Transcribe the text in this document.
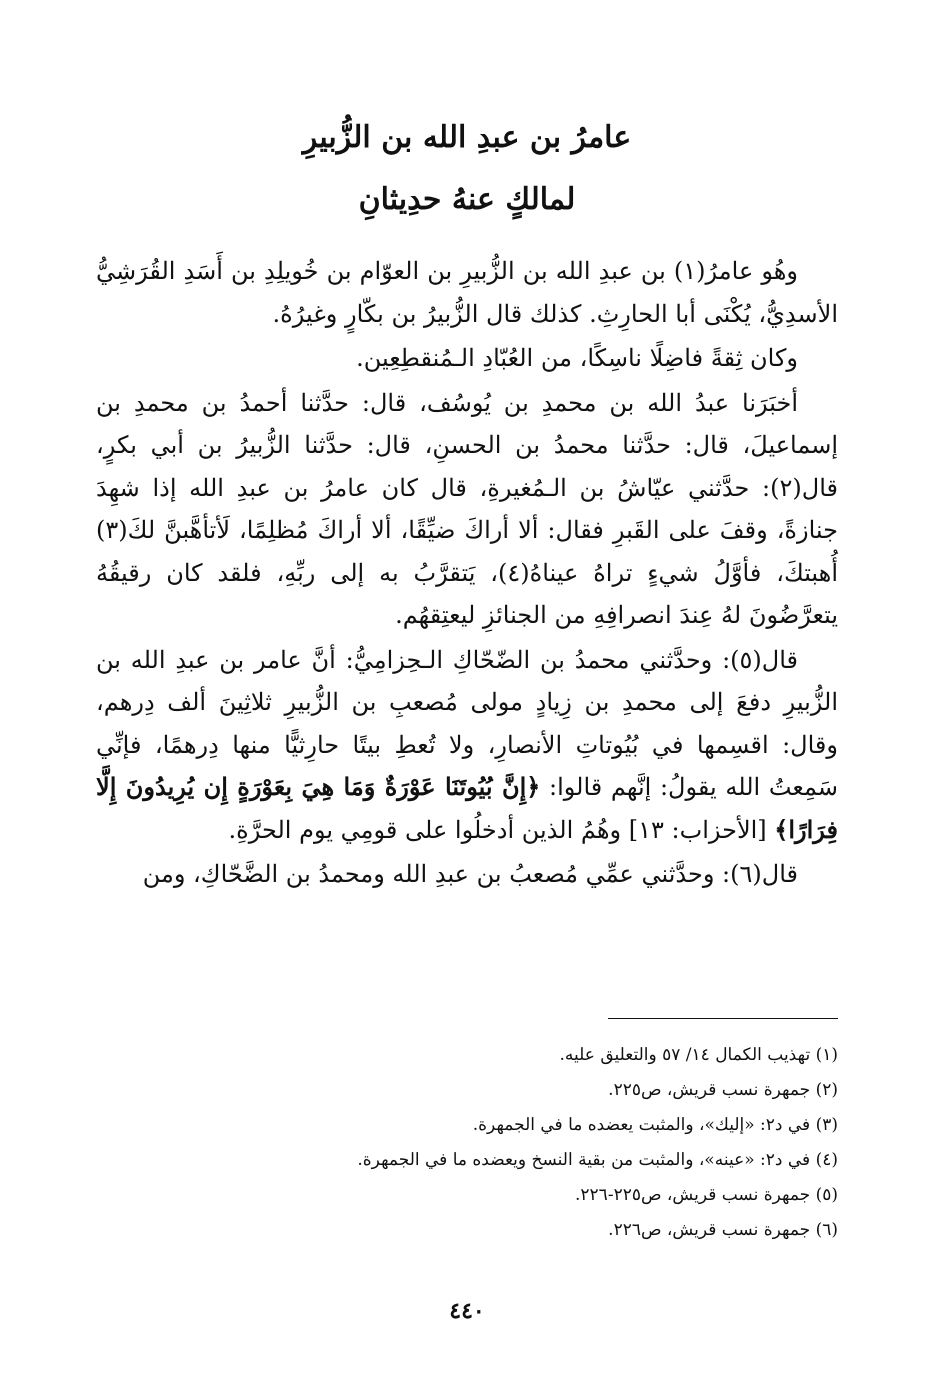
عامرُ بن عبدِ الله بن الزُّبيرِ
لمالكٍ عنهُ حدِيثانِ

وهُو عامرُ(١) بن عبدِ الله بن الزُّبيرِ بن العوّام بن خُويلِدِ بن أَسَدِ القُرَشِيُّ الأسدِيُّ، يُكْنَى أبا الحارِثِ. كذلك قال الزُّبيرُ بن بكّارٍ وغيرُهُ.

وكان ثِقةً فاضِلًا ناسِكًا، من العُبّادِ الـمُنقطِعِين.

أخبَرَنا عبدُ الله بن محمدِ بن يُوسُف، قال: حدَّثنا أحمدُ بن محمدِ بن إسماعيلَ، قال: حدَّثنا محمدُ بن الحسنِ، قال: حدَّثنا الزُّبيرُ بن أبي بكرٍ، قال(٢): حدَّثني عيّاشُ بن الـمُغيرةِ، قال كان عامرُ بن عبدِ الله إذا شهِدَ جنازةً، وقفَ على القَبرِ فقال: ألا أراكَ ضيِّقًا، ألا أراكَ مُظلِمًا، لَأتأهَّبنَّ لكَ(٣) أُهبتكَ، فأوَّلُ شيءٍ تراهُ عيناهُ(٤)، يَتقرَّبُ به إلى ربِّهِ، فلقد كان رقيقُهُ يتعرَّضُونَ لهُ عِندَ انصرافِهِ من الجنائزِ ليعتِقهُم.

قال(٥): وحدَّثني محمدُ بن الضّحّاكِ الـحِزامِيُّ: أنَّ عامر بن عبدِ الله بن الزُّبيرِ دفعَ إلى محمدِ بن زِيادٍ مولى مُصعبِ بن الزُّبيرِ ثلاثِينَ ألف دِرهم، وقال: اقسِمها في بُيُوتاتِ الأنصارِ، ولا تُعطِ بيتًا حارِثيًّا منها دِرهمًا، فإنِّي سَمِعتُ الله يقولُ: إنَّهم قالوا: ﴿إِنَّ بُيُوتَنَا عَوْرَةٌ وَمَا هِيَ بِعَوْرَةٍ إِن يُرِيدُونَ إِلَّا فِرَارًا﴾ [الأحزاب: ١٣] وهُمُ الذين أدخلُوا على قومِي يوم الحرَّةِ.

قال(٦): وحدَّثني عمِّي مُصعبُ بن عبدِ الله ومحمدُ بن الضَّحّاكِ، ومن

(١) تهذيب الكمال ١٤/ ٥٧ والتعليق عليه.

(٢) جمهرة نسب قريش، ص٢٢٥.

(٣) في د٢: «إليك»، والمثبت يعضده ما في الجمهرة.

(٤) في د٢: «عينه»، والمثبت من بقية النسخ ويعضده ما في الجمهرة.

(٥) جمهرة نسب قريش، ص٢٢٥-٢٢٦.

(٦) جمهرة نسب قريش، ص٢٢٦.

٤٤٠
